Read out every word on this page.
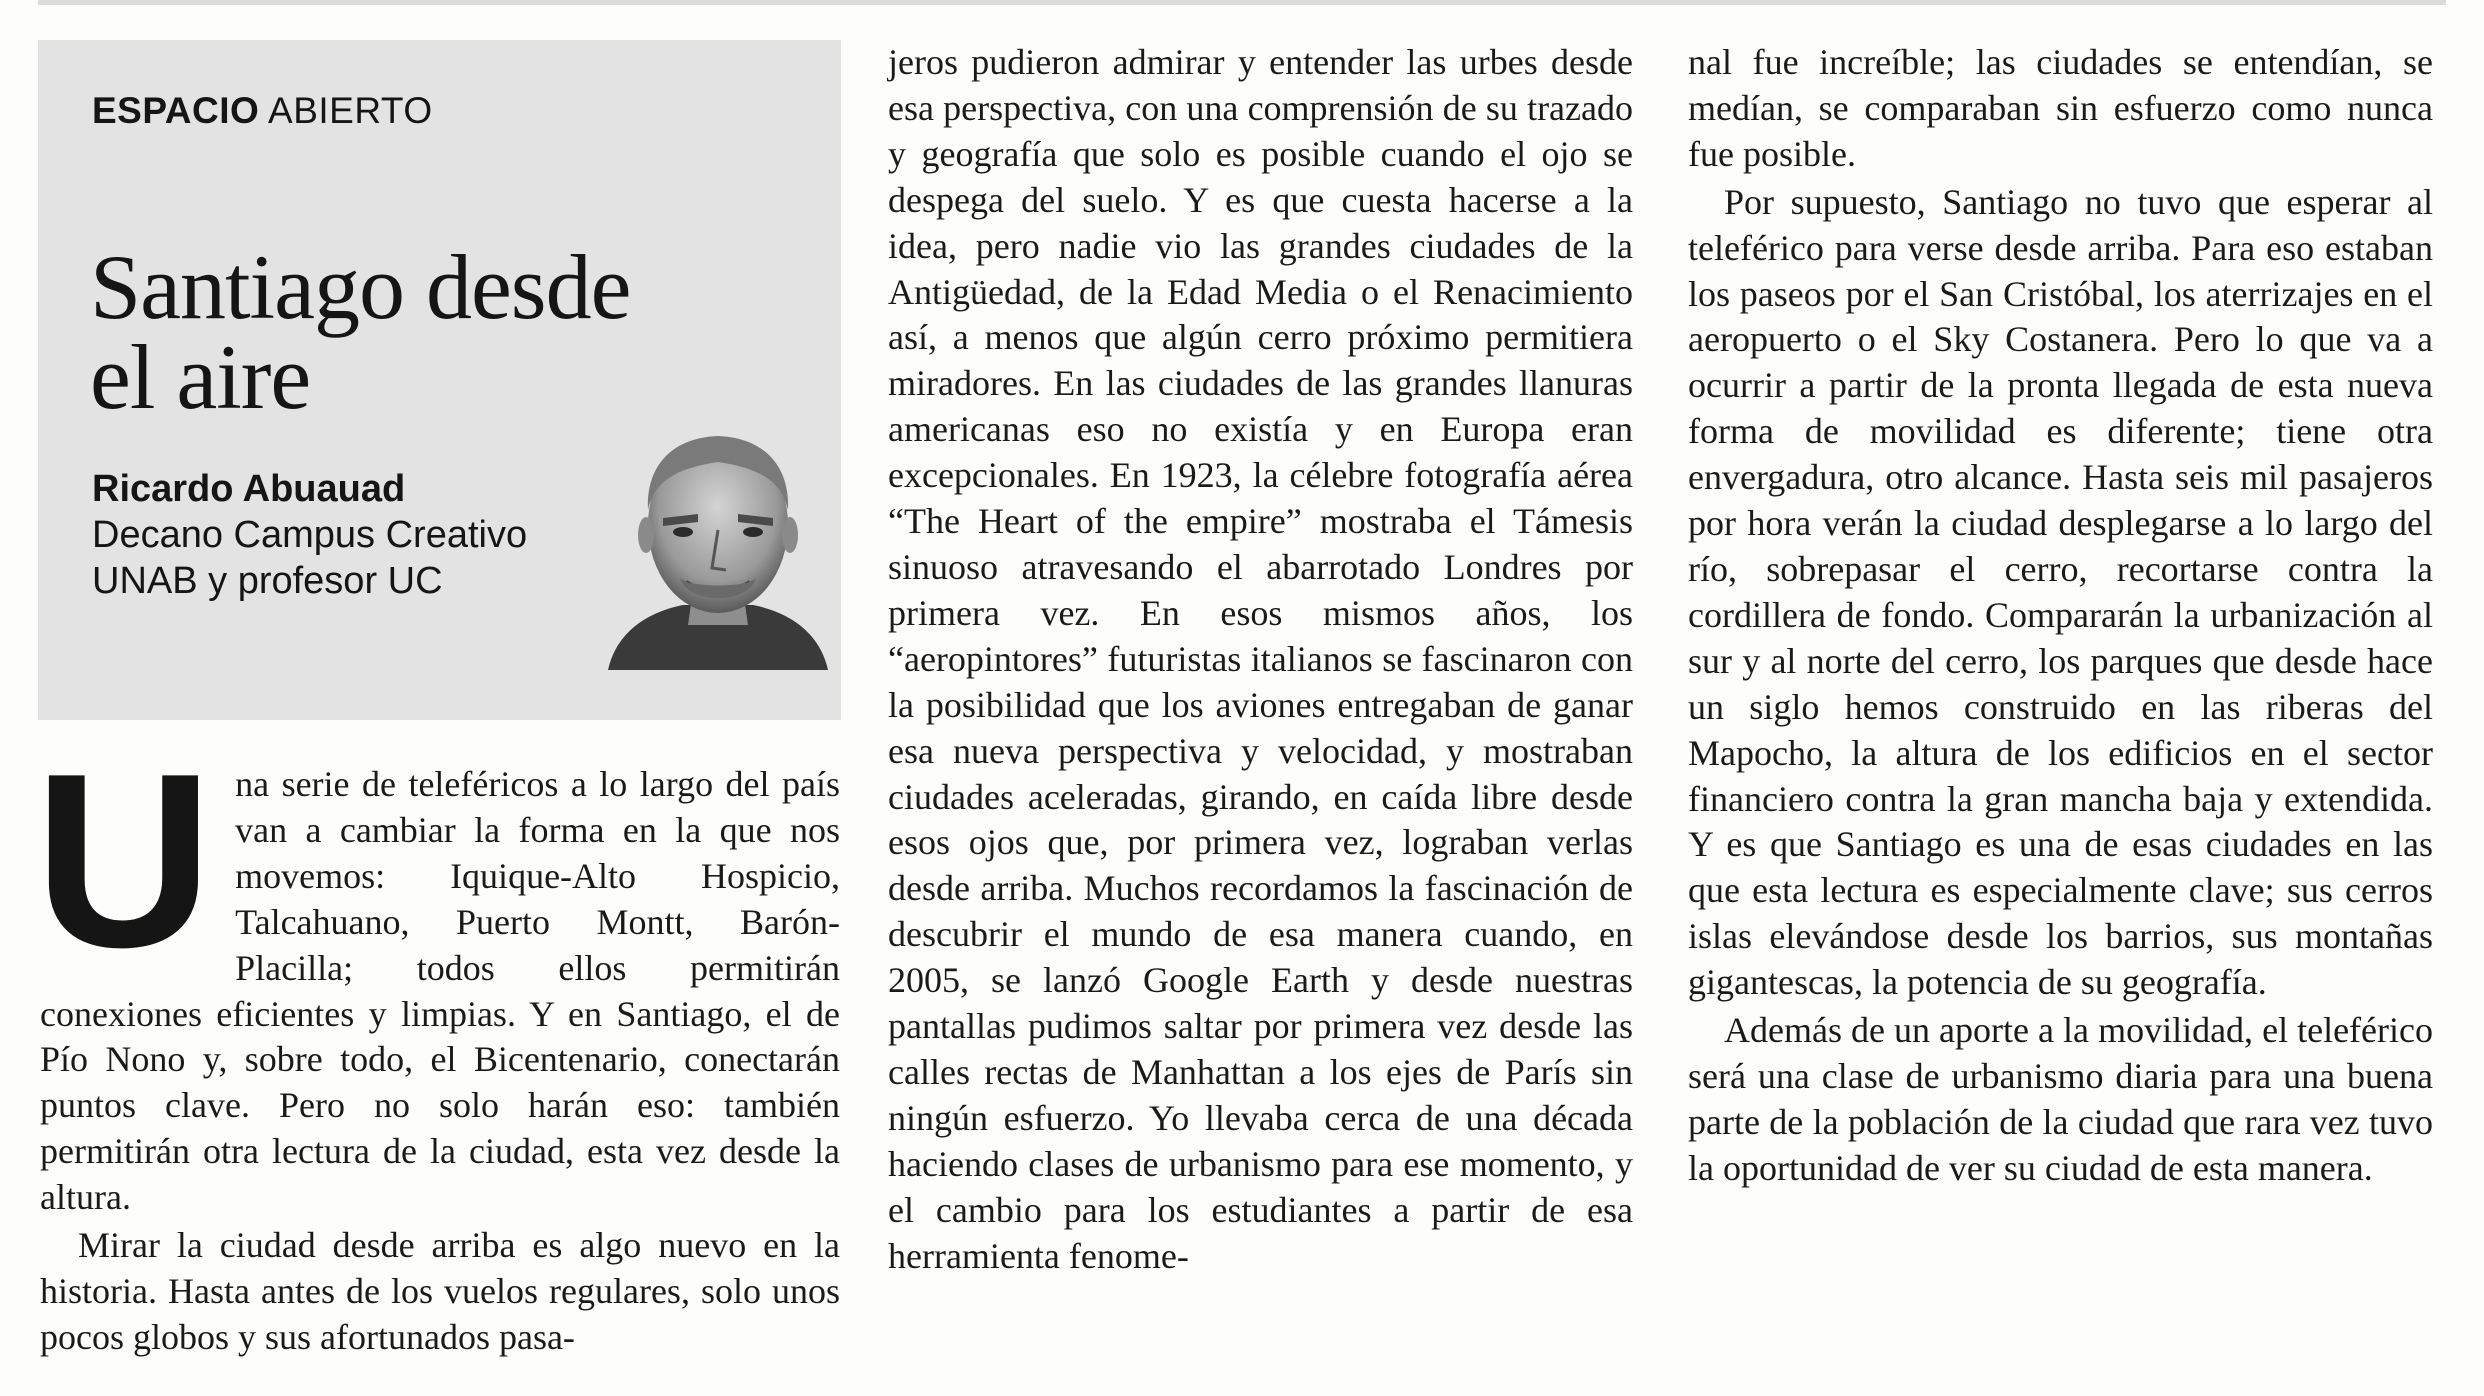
ESPACIO ABIERTO
Santiago desde el aire
Ricardo Abuauad
Decano Campus Creativo UNAB y profesor UC

Una serie de teleféricos a lo largo del país van a cambiar la forma en la que nos movemos: Iquique-Alto Hospicio, Talcahuano, Puerto Montt, Barón-Placilla; todos ellos permitirán conexiones eficientes y limpias. Y en Santiago, el de Pío Nono y, sobre todo, el Bicentenario, conectarán puntos clave. Pero no solo harán eso: también permitirán otra lectura de la ciudad, esta vez desde la altura.

Mirar la ciudad desde arriba es algo nuevo en la historia. Hasta antes de los vuelos regulares, solo unos pocos globos y sus afortunados pasa-

jeros pudieron admirar y entender las urbes desde esa perspectiva, con una comprensión de su trazado y geografía que solo es posible cuando el ojo se despega del suelo. Y es que cuesta hacerse a la idea, pero nadie vio las grandes ciudades de la Antigüedad, de la Edad Media o el Renacimiento así, a menos que algún cerro próximo permitiera miradores. En las ciudades de las grandes llanuras americanas eso no existía y en Europa eran excepcionales. En 1923, la célebre fotografía aérea “The Heart of the empire” mostraba el Támesis sinuoso atravesando el abarrotado Londres por primera vez. En esos mismos años, los “aeropintores” futuristas italianos se fascinaron con la posibilidad que los aviones entregaban de ganar esa nueva perspectiva y velocidad, y mostraban ciudades aceleradas, girando, en caída libre desde esos ojos que, por primera vez, lograban verlas desde arriba. Muchos recordamos la fascinación de descubrir el mundo de esa manera cuando, en 2005, se lanzó Google Earth y desde nuestras pantallas pudimos saltar por primera vez desde las calles rectas de Manhattan a los ejes de París sin ningún esfuerzo. Yo llevaba cerca de una década haciendo clases de urbanismo para ese momento, y el cambio para los estudiantes a partir de esa herramienta fenome-

nal fue increíble; las ciudades se entendían, se medían, se comparaban sin esfuerzo como nunca fue posible.

Por supuesto, Santiago no tuvo que esperar al teleférico para verse desde arriba. Para eso estaban los paseos por el San Cristóbal, los aterrizajes en el aeropuerto o el Sky Costanera. Pero lo que va a ocurrir a partir de la pronta llegada de esta nueva forma de movilidad es diferente; tiene otra envergadura, otro alcance. Hasta seis mil pasajeros por hora verán la ciudad desplegarse a lo largo del río, sobrepasar el cerro, recortarse contra la cordillera de fondo. Compararán la urbanización al sur y al norte del cerro, los parques que desde hace un siglo hemos construido en las riberas del Mapocho, la altura de los edificios en el sector financiero contra la gran mancha baja y extendida. Y es que Santiago es una de esas ciudades en las que esta lectura es especialmente clave; sus cerros islas elevándose desde los barrios, sus montañas gigantescas, la potencia de su geografía.

Además de un aporte a la movilidad, el teleférico será una clase de urbanismo diaria para una buena parte de la población de la ciudad que rara vez tuvo la oportunidad de ver su ciudad de esta manera.
